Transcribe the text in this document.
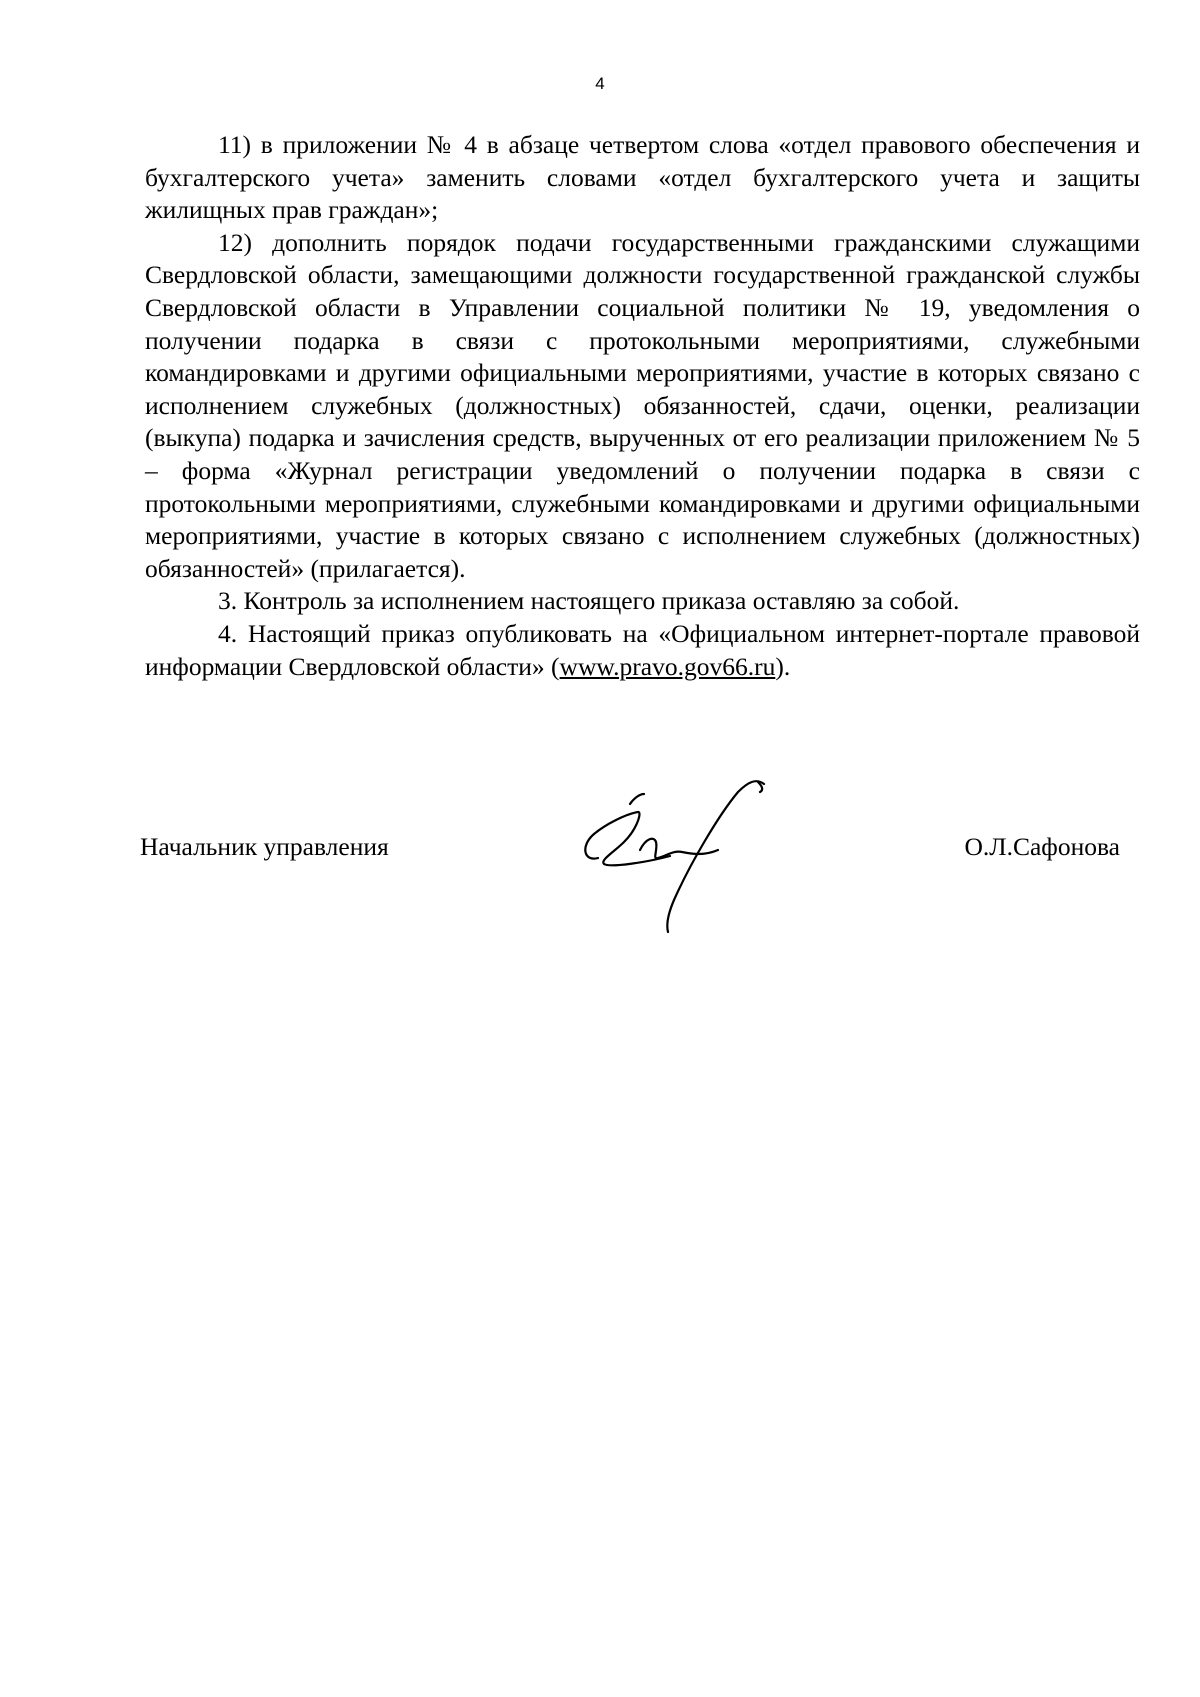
4

11) в приложении № 4 в абзаце четвертом слова «отдел правового обеспечения и бухгалтерского учета» заменить словами «отдел бухгалтерского учета и защиты жилищных прав граждан»;

12) дополнить порядок подачи государственными гражданскими служащими Свердловской области, замещающими должности государственной гражданской службы Свердловской области в Управлении социальной политики № 19, уведомления о получении подарка в связи с протокольными мероприятиями, служебными командировками и другими официальными мероприятиями, участие в которых связано с исполнением служебных (должностных) обязанностей, сдачи, оценки, реализации (выкупа) подарка и зачисления средств, вырученных от его реализации приложением № 5 – форма «Журнал регистрации уведомлений о получении подарка в связи с протокольными мероприятиями, служебными командировками и другими официальными мероприятиями, участие в которых связано с исполнением служебных (должностных) обязанностей» (прилагается).

3. Контроль за исполнением настоящего приказа оставляю за собой.

4. Настоящий приказ опубликовать на «Официальном интернет-портале правовой информации Свердловской области» (www.pravo.gov66.ru).

Начальник управления	О.Л.Сафонова
